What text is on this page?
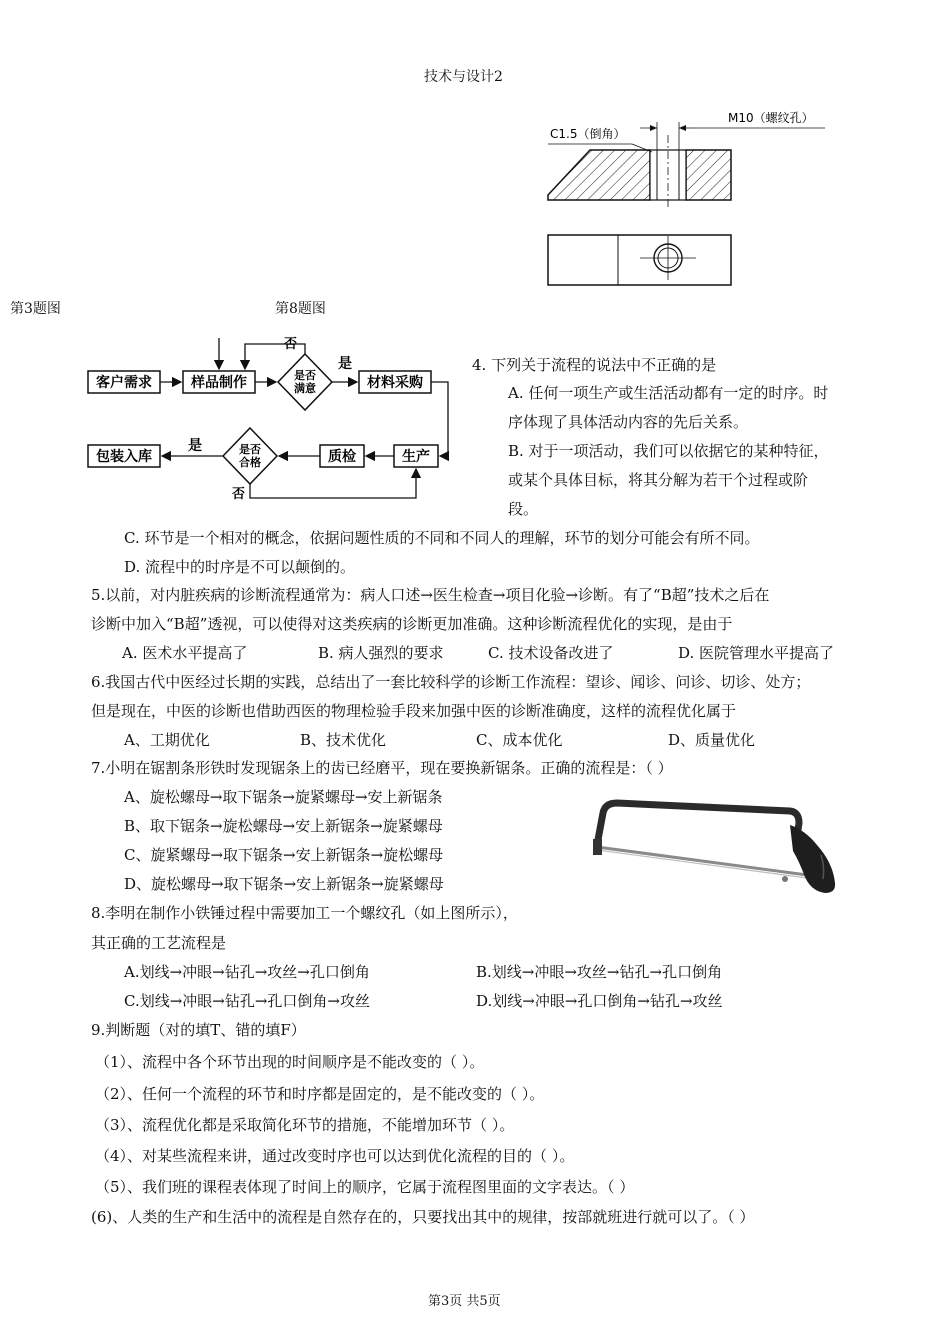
技术与设计2
C1.5（倒角）
M10（螺纹孔）
第3题图	第8题图
客户需求	样品制作	是否
满意	材料采购
包装入库	是否
合格	质检	生产
否
是
是
否
4. 下列关于流程的说法中不正确的是
A. 任何一项生产或生活活动都有一定的时序。时
序体现了具体活动内容的先后关系。
B. 对于一项活动，我们可以依据它的某种特征，
或某个具体目标，将其分解为若干个过程或阶
段。
C. 环节是一个相对的概念，依据问题性质的不同和不同人的理解，环节的划分可能会有所不同。
D. 流程中的时序是不可以颠倒的。
5.以前，对内脏疾病的诊断流程通常为：病人口述→医生检查→项目化验→诊断。有了“B超”技术之后在
诊断中加入“B超”透视，可以使得对这类疾病的诊断更加准确。这种诊断流程优化的实现，是由于
A. 医术水平提高了	B. 病人强烈的要求	C. 技术设备改进了	D. 医院管理水平提高了
6.我国古代中医经过长期的实践，总结出了一套比较科学的诊断工作流程：望诊、闻诊、问诊、切诊、处方；
但是现在，中医的诊断也借助西医的物理检验手段来加强中医的诊断准确度，这样的流程优化属于
A、工期优化	B、技术优化	C、成本优化	D、质量优化
7.小明在锯割条形铁时发现锯条上的齿已经磨平，现在要换新锯条。正确的流程是：（ ）
A、旋松螺母→取下锯条→旋紧螺母→安上新锯条
B、取下锯条→旋松螺母→安上新锯条→旋紧螺母
C、旋紧螺母→取下锯条→安上新锯条→旋松螺母
D、旋松螺母→取下锯条→安上新锯条→旋紧螺母
8.李明在制作小铁锤过程中需要加工一个螺纹孔（如上图所示），
其正确的工艺流程是
A.划线→冲眼→钻孔→攻丝→孔口倒角	B.划线→冲眼→攻丝→钻孔→孔口倒角
C.划线→冲眼→钻孔→孔口倒角→攻丝	D.划线→冲眼→孔口倒角→钻孔→攻丝
9.判断题（对的填T、错的填F）
（1）、流程中各个环节出现的时间顺序是不能改变的（ ）。
（2）、任何一个流程的环节和时序都是固定的，是不能改变的（ ）。
（3）、流程优化都是采取简化环节的措施，不能增加环节（ ）。
（4）、对某些流程来讲，通过改变时序也可以达到优化流程的目的（ ）。
（5）、我们班的课程表体现了时间上的顺序，它属于流程图里面的文字表达。（ ）
(6)、人类的生产和生活中的流程是自然存在的，只要找出其中的规律，按部就班进行就可以了。（ ）
第3页 共5页
